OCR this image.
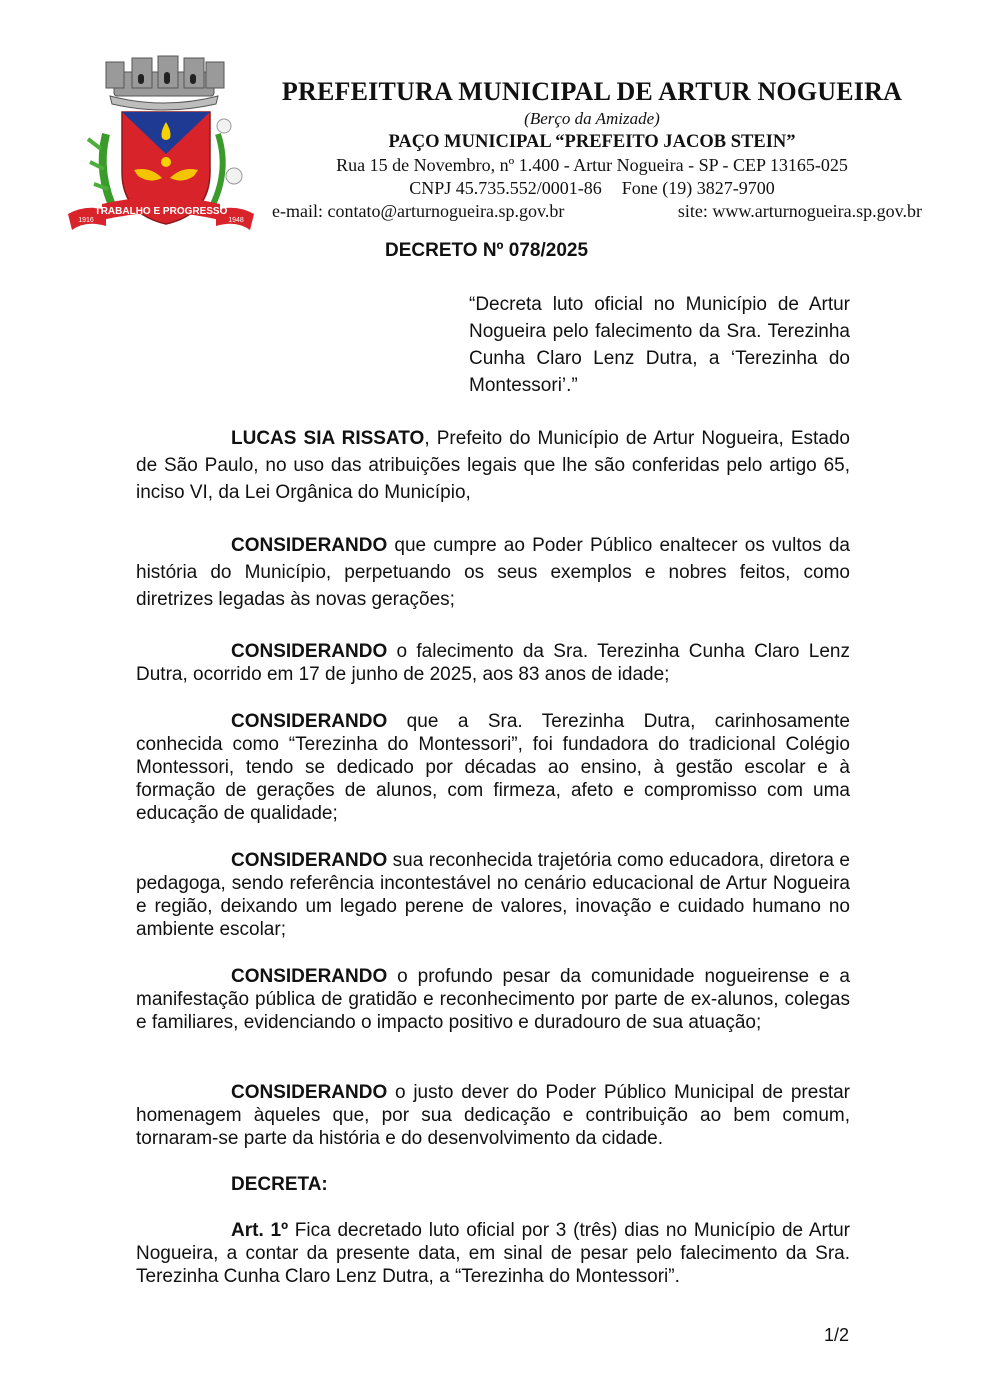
TRABALHO E PROGRESSO
1916	1948
PREFEITURA MUNICIPAL DE ARTUR NOGUEIRA
(Berço da Amizade)
PAÇO MUNICIPAL “PREFEITO JACOB STEIN”
Rua 15 de Novembro, nº 1.400 - Artur Nogueira - SP - CEP 13165-025
CNPJ 45.735.552/0001-86 Fone (19) 3827-9700
e-mail: contato@arturnogueira.sp.gov.br	site: www.arturnogueira.sp.gov.br
DECRETO Nº 078/2025
“Decreta luto oficial no Município de Artur Nogueira pelo falecimento da Sra. Terezinha Cunha Claro Lenz Dutra, a ‘Terezinha do Montessori’.”

LUCAS SIA RISSATO, Prefeito do Município de Artur Nogueira, Estado de São Paulo, no uso das atribuições legais que lhe são conferidas pelo artigo 65, inciso VI, da Lei Orgânica do Município,

CONSIDERANDO que cumpre ao Poder Público enaltecer os vultos da história do Município, perpetuando os seus exemplos e nobres feitos, como diretrizes legadas às novas gerações;

CONSIDERANDO o falecimento da Sra. Terezinha Cunha Claro Lenz Dutra, ocorrido em 17 de junho de 2025, aos 83 anos de idade;

CONSIDERANDO que a Sra. Terezinha Dutra, carinhosamente conhecida como “Terezinha do Montessori”, foi fundadora do tradicional Colégio Montessori, tendo se dedicado por décadas ao ensino, à gestão escolar e à formação de gerações de alunos, com firmeza, afeto e compromisso com uma educação de qualidade;

CONSIDERANDO sua reconhecida trajetória como educadora, diretora e pedagoga, sendo referência incontestável no cenário educacional de Artur Nogueira e região, deixando um legado perene de valores, inovação e cuidado humano no ambiente escolar;

CONSIDERANDO o profundo pesar da comunidade nogueirense e a manifestação pública de gratidão e reconhecimento por parte de ex-alunos, colegas e familiares, evidenciando o impacto positivo e duradouro de sua atuação;

CONSIDERANDO o justo dever do Poder Público Municipal de prestar homenagem àqueles que, por sua dedicação e contribuição ao bem comum, tornaram-se parte da história e do desenvolvimento da cidade.

DECRETA:

Art. 1º Fica decretado luto oficial por 3 (três) dias no Município de Artur Nogueira, a contar da presente data, em sinal de pesar pelo falecimento da Sra. Terezinha Cunha Claro Lenz Dutra, a “Terezinha do Montessori”.

1/2
